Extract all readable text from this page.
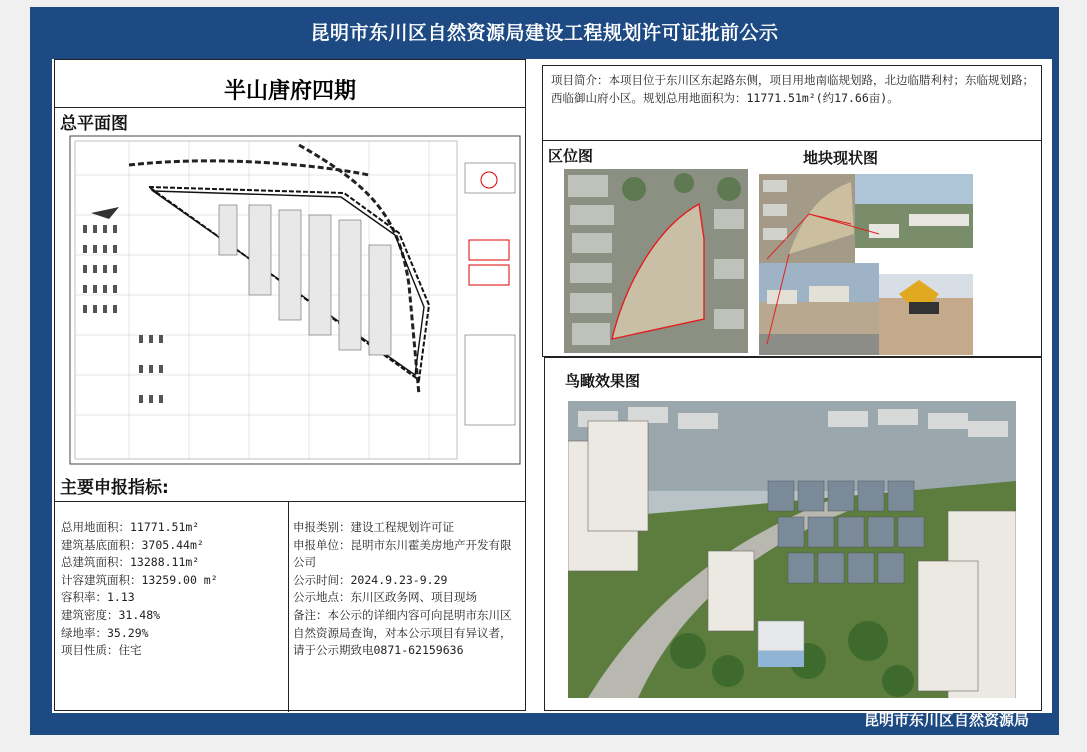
昆明市东川区自然资源局建设工程规划许可证批前公示
半山唐府四期
总平面图
主要申报指标:
总用地面积：11771.51m²
建筑基底面积：3705.44m²
总建筑面积：13288.11m²
计容建筑面积：13259.00 m²
容积率：1.13
建筑密度：31.48%
绿地率：35.29%
项目性质：住宅
申报类别：建设工程规划许可证
申报单位：昆明市东川霍美房地产开发有限公司
公示时间：2024.9.23-9.29
公示地点：东川区政务网、项目现场
备注：本公示的详细内容可向昆明市东川区自然资源局查询，对本公示项目有异议者，请于公示期致电0871-62159636
项目简介：本项目位于东川区东起路东侧，项目用地南临规划路，北边临腊利村；东临规划路；西临御山府小区。规划总用地面积为：11771.51m²(约17.66亩)。
区位图	地块现状图
鸟瞰效果图
昆明市东川区自然资源局
